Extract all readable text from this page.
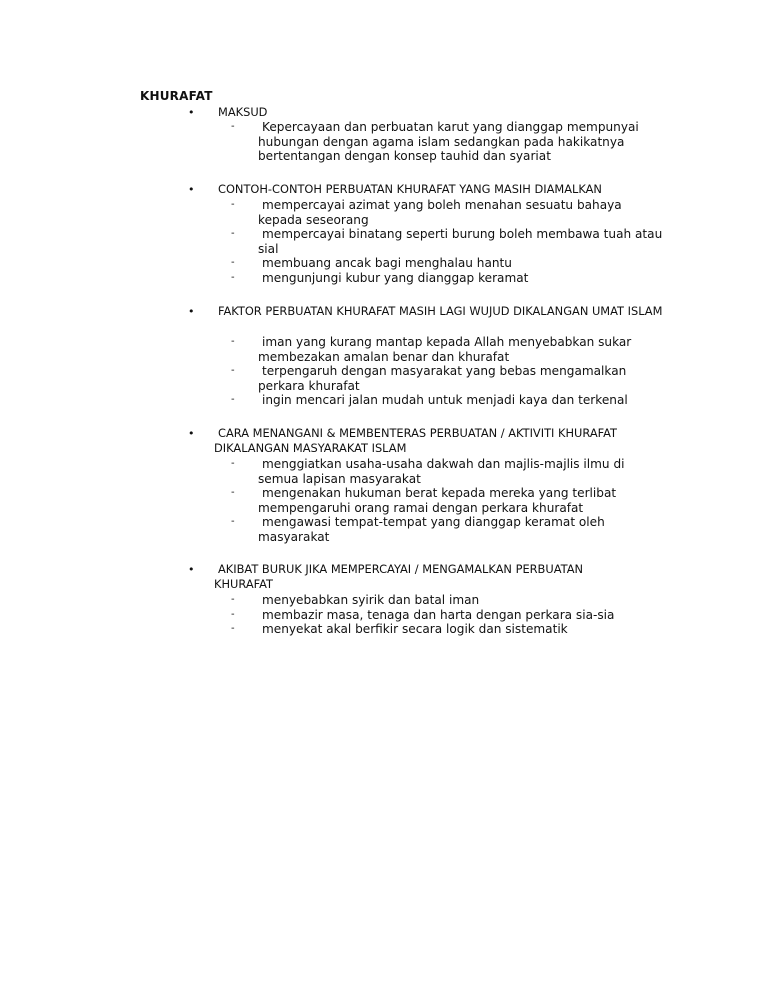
KHURAFAT
• MAKSUD
-	Kepercayaan dan perbuatan karut yang dianggap mempunyai hubungan dengan agama islam sedangkan pada hakikatnya bertentangan dengan konsep tauhid dan syariat
• CONTOH-CONTOH PERBUATAN KHURAFAT YANG MASIH DIAMALKAN
-	mempercayai azimat yang boleh menahan sesuatu bahaya kepada seseorang
-	mempercayai binatang seperti burung boleh membawa tuah atau sial
-	membuang ancak bagi menghalau hantu
-	mengunjungi kubur yang dianggap keramat
•	FAKTOR PERBUATAN KHURAFAT MASIH LAGI WUJUD DIKALANGAN UMAT ISLAM
-	iman yang kurang mantap kepada Allah menyebabkan sukar membezakan amalan benar dan khurafat
-	terpengaruh dengan masyarakat yang bebas mengamalkan perkara khurafat
-	ingin mencari jalan mudah untuk menjadi kaya dan terkenal
•	CARA MENANGANI & MEMBENTERAS PERBUATAN / AKTIVITI KHURAFAT DIKALANGAN MASYARAKAT ISLAM
-	menggiatkan usaha-usaha dakwah dan majlis-majlis ilmu di semua lapisan masyarakat
-	mengenakan hukuman berat kepada mereka yang terlibat mempengaruhi orang ramai dengan perkara khurafat
-	mengawasi tempat-tempat yang dianggap keramat oleh masyarakat
•	AKIBAT BURUK JIKA MEMPERCAYAI / MENGAMALKAN PERBUATAN KHURAFAT
-	menyebabkan syirik dan batal iman
-	membazir masa, tenaga dan harta dengan perkara sia-sia
-	menyekat akal berfikir secara logik dan sistematik
